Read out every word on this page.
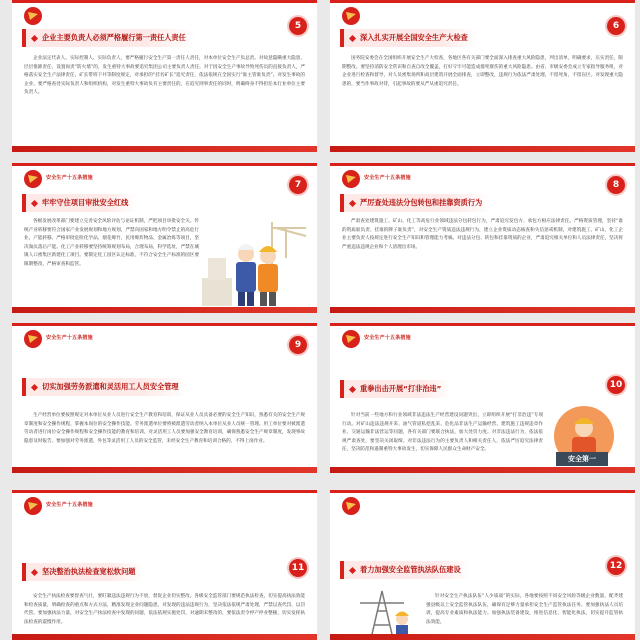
5
企业主要负责人必须严格履行第一责任人责任

企业法定代表人、实际控制人、实际负责人，要严格履行安全生产第一责任人责任，对本单位安全生产负总责。对故意隐瞒重大隐患、层层推卸责任、设置岗责“防火墙”的，发生重特大事故要追究集团公司主要负责人责任。对于因安全生产事故导致死伤员的直接负责人，严格落实安全生产法律责任，矿长带班下井等制度规定，对承担的“挂名矿长”追究责任，依法依规在全国实行“谁主管谁负责”。对发生事故的企业、要严格查处实际负责人和组织机构，对发生重特大事故负有主要责任的，在追究刑事责任的同时，明确终身不得担任本行业单位主要负责人。

6
深入扎实开展全国安全生产大检查

国务院安委会在全国组织开展安全生产大检查，各地区各有关部门要全面深入排查重大风险隐患，列出清单，明确要求，压实责任，限期整改。要坚持消防安全常识和自查自改全覆盖，打好守牢可能造成群死群伤的重大风险隐患。由省、市级安委会成立专家指导服务组，对企业进行检查和督导，对人员密集场所和高层建筑开展全面排查，立即整改，违规行为依法严肃处理，不留死角，不留盲区。对发现重大隐患的，要当作事故对待，引起事故的要从严从重追究责任。

安全生产十五条措施
7
牢牢守住项目审批安全红线

各级发展改革部门要建立完善安全风险评估与论证机制，严把项目审批安全关。传统产业转移要符合国家产业发展规划和地方规划，严禁向国家和地方明令禁止的高危行业、产能转移。严格审批危险化学品、烟花爆竹、民用爆炸物品、金属冶炼等项目，坚决淘汰落后产能。化工产业转移要坚持统筹规划布局，合理布局，科学选址，严禁在城镇人口密集区新建化工项目。要制定化工园区认定标准，不符合安全生产标准的园区要限期整改，严格审查和监管。

安全生产十五条措施
8
严厉查处违法分包转包和挂靠资质行为

严肃查处建筑施工、矿山、化工等高危行业领域违法分包转包行为，严肃追究发包方、承包方相应法律责任。严格资质管理，坚持“谁的资质谁负责、挂谁的牌子谁负责”，对安全生产资质违法违规行为，建立企业资质动态核查和失信惩戒机制，对建筑施工、矿山、化工企业主要负责人按规定进行安全生产知识和管理能力考核。对违法分包、转包和挂靠资质的企业，严肃追究相关单位和人员法律责任，坚决将严重违法违规企业和个人清理出市场。

安全生产十五条措施
9
切实加强劳务派遣和灵活用工人员安全管理

生产经营单位要按照规定对本单位从业人员进行安全生产教育和培训，保证从业人员具备必要的安全生产知识，熟悉有关的安全生产规章制度和安全操作规程，掌握本岗位的安全操作技能。劳务派遣单位要将被派遣劳动者纳入本单位从业人员统一管理。用工单位要对被派遣劳动者进行岗位安全操作规程和安全操作技能的教育和培训。对灵活用工人员要加强安全教育培训，确保熟悉安全生产规章制度，发现事故隐患及时报告。要加强对劳务派遣、外包等灵活用工人员的安全监管，未经安全生产教育和培训合格的，不得上岗作业。

安全生产十五条措施
10
重拳出击开展“打非治违”

针对当前一些地方和行业领域非法违法生产经营建设问题突出，立即组织开展“打非治违”专项行动。对矿山违法违规开采、油气管道私挖乱采、危化品非法生产运输经营、建筑施工违规违章作业、交通运输非法营运等问题，各有关部门要联合执法，加大处罚力度。对非法违法行为，依法依规严肃查处，要坚决关闭取缔。对非法违法行为的主要负责人和相关责任人，依法严厉追究法律责任，坚决防范和遏制重特大事故发生，切实保障人民群众生命财产安全。

安全第一
安全生产十五条措施
11
坚决整治执法检查宽松软问题

安全生产执法检查要督查气壮，要盯紧违法违规行为不放，督促企业切实整改。各级安全监管部门要规范执法检查，切实提高执法效能和检查质量，明确检查的重点和方式方法，精准发现企业问题隐患，对发现的违法违规行为，坚决依法依规严肃处理，严禁以查代罚、以罚代管。要加强执法力量，对安全生产执法检查中发现的问题，依法依规实施处罚，对逾期未整改的，要依法责令停产停业整顿，切实发挥执法检查的震慑作用。

12
着力加强安全监管执法队伍建设

针对安全生产执法队伍“人少质弱”的实际，各地要按照不同安全风险等级企业数量，配齐建强县级以上安全监管执法队伍，确保有足够力量承担安全生产监管执法任务。要加强执法人员培训，提高专业素质和执法能力。加强执法装备建设，推进信息化、智能化执法，切实提升监管执法效能。
